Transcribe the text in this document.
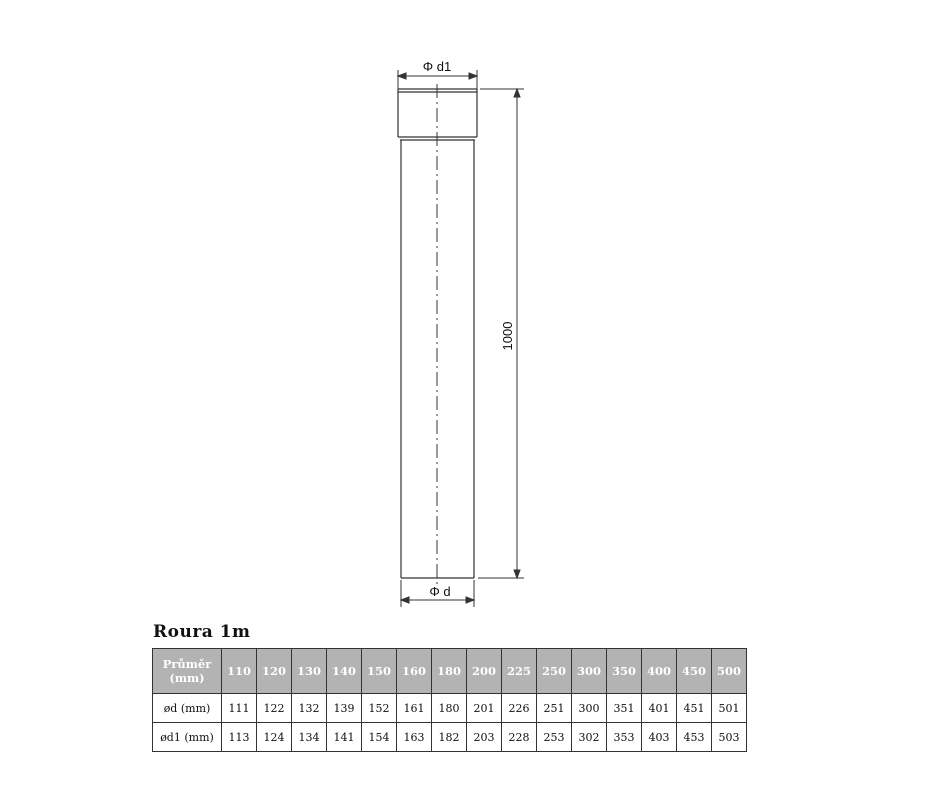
Φ d1
1000
Φ d
Roura 1m
Průměr (mm)	110	120	130	140	150	160	180	200	225	250	300	350	400	450	500
ød (mm)	111	122	132	139	152	161	180	201	226	251	300	351	401	451	501
ød1 (mm)	113	124	134	141	154	163	182	203	228	253	302	353	403	453	503
